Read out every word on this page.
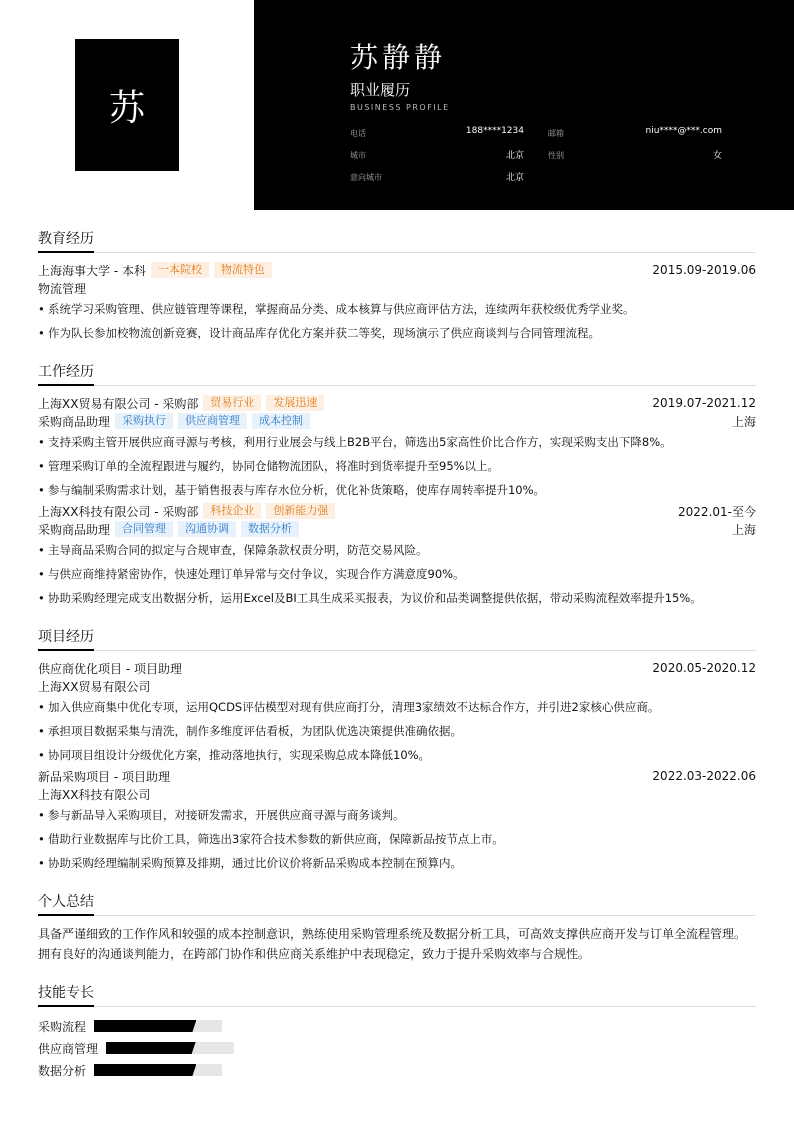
苏
苏静静
职业履历
BUSINESS PROFILE
电话	188****1234	邮箱	niu****@***.com
城市	北京	性别	女
意向城市	北京
教育经历
上海海事大学 - 本科	一本院校	物流特色	2015.09-2019.06
物流管理
• 系统学习采购管理、供应链管理等课程，掌握商品分类、成本核算与供应商评估方法，连续两年获校级优秀学业奖。
• 作为队长参加校物流创新竞赛，设计商品库存优化方案并获二等奖，现场演示了供应商谈判与合同管理流程。
工作经历
上海XX贸易有限公司 - 采购部	贸易行业	发展迅速	2019.07-2021.12
采购商品助理	采购执行	供应商管理	成本控制	上海
• 支持采购主管开展供应商寻源与考核，利用行业展会与线上B2B平台，筛选出5家高性价比合作方，实现采购支出下降8%。
• 管理采购订单的全流程跟进与履约，协同仓储物流团队，将准时到货率提升至95%以上。
• 参与编制采购需求计划，基于销售报表与库存水位分析，优化补货策略，使库存周转率提升10%。
上海XX科技有限公司 - 采购部	科技企业	创新能力强	2022.01-至今
采购商品助理	合同管理	沟通协调	数据分析	上海
• 主导商品采购合同的拟定与合规审查，保障条款权责分明，防范交易风险。
• 与供应商维持紧密协作，快速处理订单异常与交付争议，实现合作方满意度90%。
• 协助采购经理完成支出数据分析，运用Excel及BI工具生成采买报表，为议价和品类调整提供依据，带动采购流程效率提升15%。
项目经历
供应商优化项目 - 项目助理	2020.05-2020.12
上海XX贸易有限公司
• 加入供应商集中优化专项，运用QCDS评估模型对现有供应商打分，清理3家绩效不达标合作方，并引进2家核心供应商。
• 承担项目数据采集与清洗，制作多维度评估看板，为团队优选决策提供准确依据。
• 协同项目组设计分级优化方案，推动落地执行，实现采购总成本降低10%。
新品采购项目 - 项目助理	2022.03-2022.06
上海XX科技有限公司
• 参与新品导入采购项目，对接研发需求，开展供应商寻源与商务谈判。
• 借助行业数据库与比价工具，筛选出3家符合技术参数的新供应商，保障新品按节点上市。
• 协助采购经理编制采购预算及排期，通过比价议价将新品采购成本控制在预算内。
个人总结
具备严谨细致的工作作风和较强的成本控制意识，熟练使用采购管理系统及数据分析工具，可高效支撑供应商开发与订单全流程管理。拥有良好的沟通谈判能力，在跨部门协作和供应商关系维护中表现稳定，致力于提升采购效率与合规性。
技能专长
采购流程
供应商管理
数据分析
